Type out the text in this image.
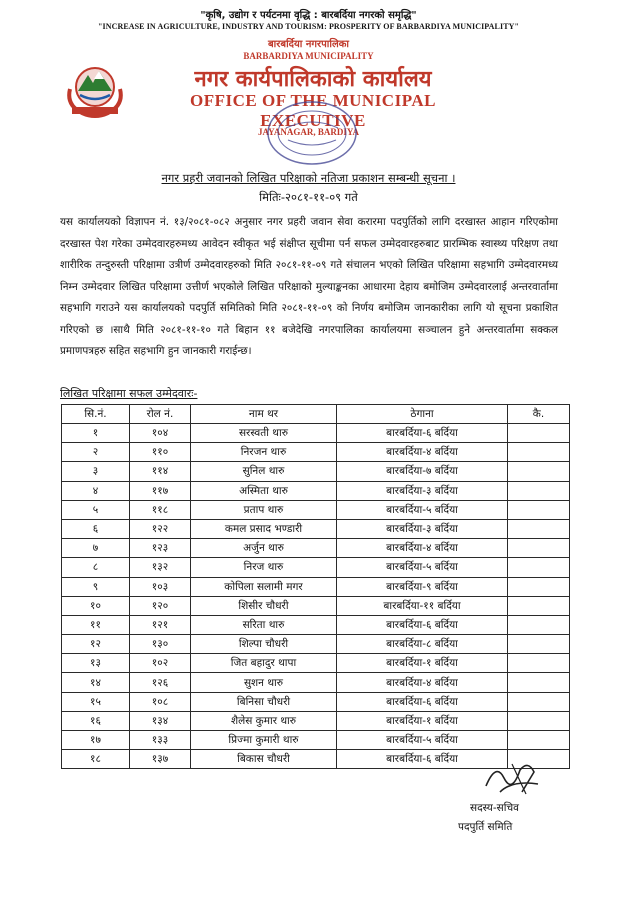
"कृषि, उद्योग र पर्यटनमा वृद्धि : बारबर्दिया नगरको समृद्धि"
"INCREASE IN AGRICULTURE, INDUSTRY AND TOURISM: PROSPERITY OF BARBARDIYA MUNICIPALITY"
बारबर्दिया नगरपालिका
BARBARDIYA MUNICIPALITY
नगर कार्यपालिकाको कार्यालय
OFFICE OF THE MUNICIPAL EXECUTIVE
JAYANAGAR, BARDIYA
नगर प्रहरी जवानको लिखित परिक्षाको नतिजा प्रकाशन सम्बन्धी सूचना ।
मितिः-२०८१-११-०९ गते
यस कार्यालयको विज्ञापन नं. १३/२०८१-०८२ अनुसार नगर प्रहरी जवान सेवा करारमा पदपुर्तिको लागि दरखास्त आहान गरिएकोमा दरखास्त पेश गरेका उम्मेदवारहरुमध्य आवेदन स्वीकृत भई संक्षीप्त सूचीमा पर्न सफल उम्मेदवारहरुबाट प्रारम्भिक स्वास्थ्य परिक्षण तथा शारीरिक तन्दुरुस्ती परिक्षामा उत्रीर्ण उम्मेदवारहरुको मिति २०८१-११-०९ गते संचालन भएको लिखित परिक्षामा सहभागि उम्मेदवारमध्य निम्न उम्मेदवार लिखित परिक्षामा उत्तीर्ण भएकोले लिखित परिक्षाको मुल्याङ्कनका आधारमा देहाय बमोजिम उम्मेदवारलाई अन्तरवार्तामा सहभागि गराउने यस कार्यालयको पदपुर्ति समितिको मिति २०८१-११-०९ को निर्णय बमोजिम जानकारीका लागि यो सूचना प्रकाशित गरिएको छ ।साथै मिति २०८१-११-१० गते बिहान ११ बजेदेखि नगरपालिका कार्यालयमा सञ्चालन हुने अन्तरवार्तामा सक्कल प्रमाणपत्रहरु सहित सहभागि हुन जानकारी गराईन्छ।
लिखित परिक्षामा सफल उम्मेदवारः-
सि.नं.	रोल नं.	नाम थर	ठेगाना	कै.
१	१०४	सरस्वती थारु	बारबर्दिया-६ बर्दिया	
२	११०	निरजन थारु	बारबर्दिया-४ बर्दिया	
३	११४	सुनिल थारु	बारबर्दिया-७ बर्दिया	
४	११७	अस्मिता थारु	बारबर्दिया-३ बर्दिया	
५	११८	प्रताप थारु	बारबर्दिया-५ बर्दिया	
६	१२२	कमल प्रसाद भण्डारी	बारबर्दिया-३ बर्दिया	
७	१२३	अर्जुन थारु	बारबर्दिया-४ बर्दिया	
८	१३२	निरज थारु	बारबर्दिया-५ बर्दिया	
९	१०३	कोपिला सलामी मगर	बारबर्दिया-९ बर्दिया	
१०	१२०	शिसीर चौधरी	बारबर्दिया-११ बर्दिया	
११	१२१	सरिता थारु	बारबर्दिया-६ बर्दिया	
१२	१३०	शिल्पा चौधरी	बारबर्दिया-८ बर्दिया	
१३	१०२	जित बहादुर थापा	बारबर्दिया-१ बर्दिया	
१४	१२६	सुशन थारु	बारबर्दिया-४ बर्दिया	
१५	१०८	बिनिसा चौधरी	बारबर्दिया-६ बर्दिया	
१६	१३४	शैलेस कुमार थारु	बारबर्दिया-१ बर्दिया	
१७	१३३	प्रिज्मा कुमारी थारु	बारबर्दिया-५ बर्दिया	
१८	१३७	बिकास चौधरी	बारबर्दिया-६ बर्दिया	
सदस्य-सचिव
पदपुर्ति समिति
